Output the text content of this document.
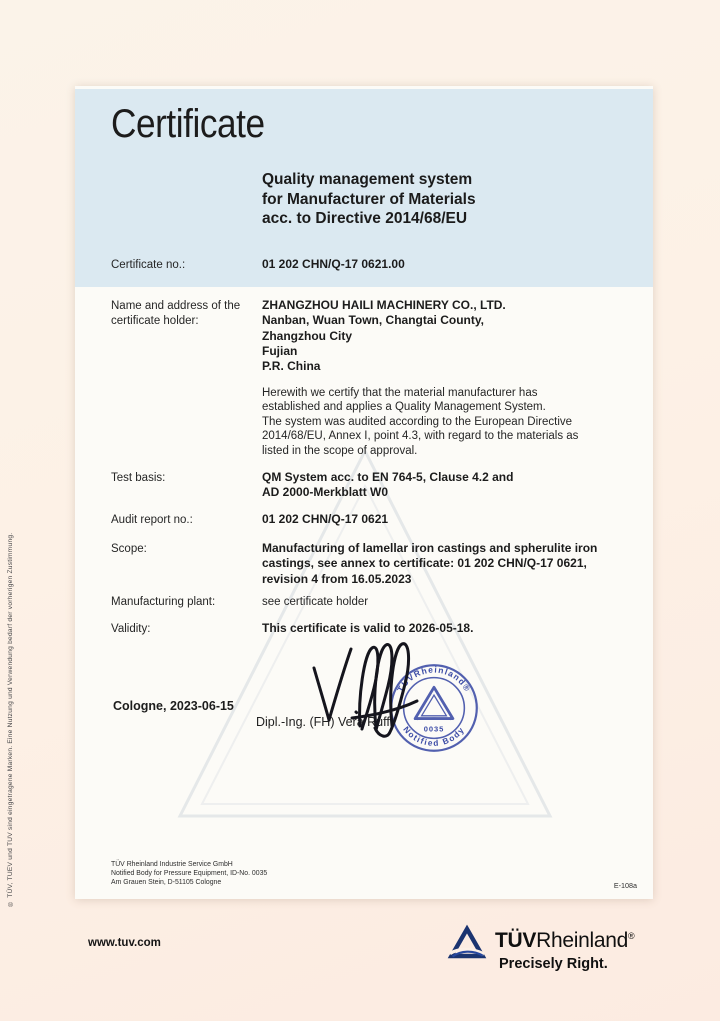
® TÜV, TUEV und TUV sind eingetragene Marken. Eine Nutzung und Verwendung bedarf der vorherigen Zustimmung.
Certificate
Quality management system
for Manufacturer of Materials
acc. to Directive 2014/68/EU
Certificate no.:	01 202 CHN/Q-17 0621.00
Name and address of the
certificate holder:
ZHANGZHOU HAILI MACHINERY CO., LTD.
Nanban, Wuan Town, Changtai County,
Zhangzhou City
Fujian
P.R. China
Herewith we certify that the material manufacturer has
established and applies a Quality Management System.
The system was audited according to the European Directive
2014/68/EU, Annex I, point 4.3, with regard to the materials as
listed in the scope of approval.
Test basis:	QM System acc. to EN 764-5, Clause 4.2 and
AD 2000-Merkblatt W0
Audit report no.:	01 202 CHN/Q-17 0621
Scope:	Manufacturing of lamellar iron castings and spherulite iron
castings, see annex to certificate: 01 202 CHN/Q-17 0621,
revision 4 from 16.05.2023
Manufacturing plant:	see certificate holder
Validity:	This certificate is valid to 2026-05-18.
Cologne, 2023-06-15
Dipl.-Ing. (FH) Vera Ruff
TÜVRheinland®
Notified Body
0035
TÜV Rheinland Industrie Service GmbH
Notified Body for Pressure Equipment, ID-No. 0035
Am Grauen Stein, D-51105 Cologne	E-108a
www.tuv.com	TÜVRheinland®
Precisely Right.
